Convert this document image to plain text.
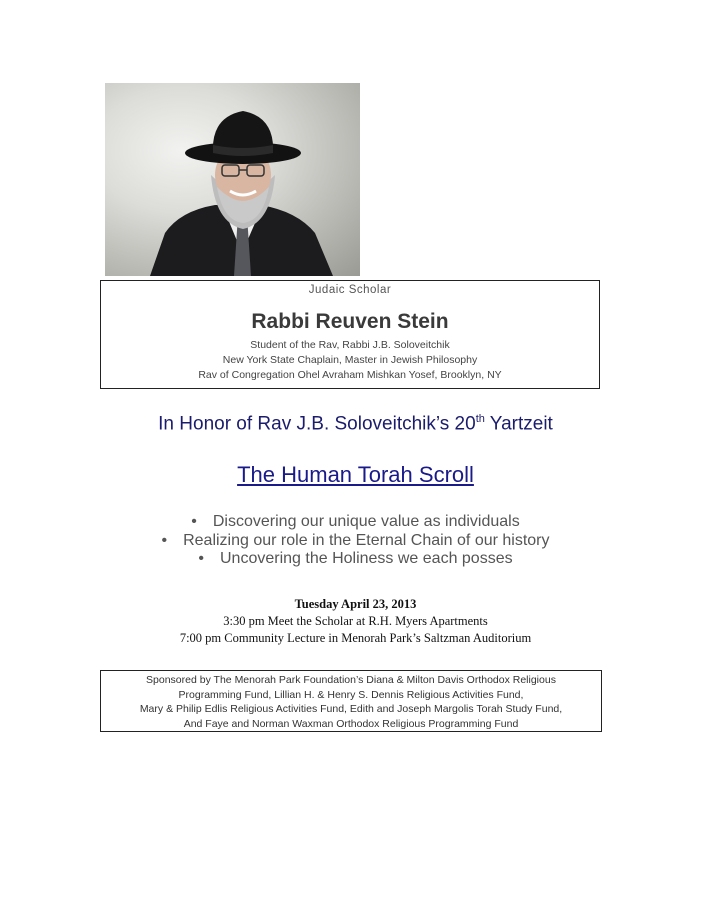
Judaic Scholar
Rabbi Reuven Stein
Student of the Rav, Rabbi J.B. Soloveitchik
New York State Chaplain, Master in Jewish Philosophy
Rav of Congregation Ohel Avraham Mishkan Yosef, Brooklyn, NY
In Honor of Rav J.B. Soloveitchik’s 20th Yartzeit
The Human Torah Scroll
• Discovering our unique value as individuals
• Realizing our role in the Eternal Chain of our history
• Uncovering the Holiness we each posses
Tuesday April 23, 2013
3:30 pm Meet the Scholar at R.H. Myers Apartments
7:00 pm Community Lecture in Menorah Park’s Saltzman Auditorium
Sponsored by The Menorah Park Foundation’s Diana & Milton Davis Orthodox Religious
Programming Fund, Lillian H. & Henry S. Dennis Religious Activities Fund,
Mary & Philip Edlis Religious Activities Fund, Edith and Joseph Margolis Torah Study Fund,
And Faye and Norman Waxman Orthodox Religious Programming Fund
